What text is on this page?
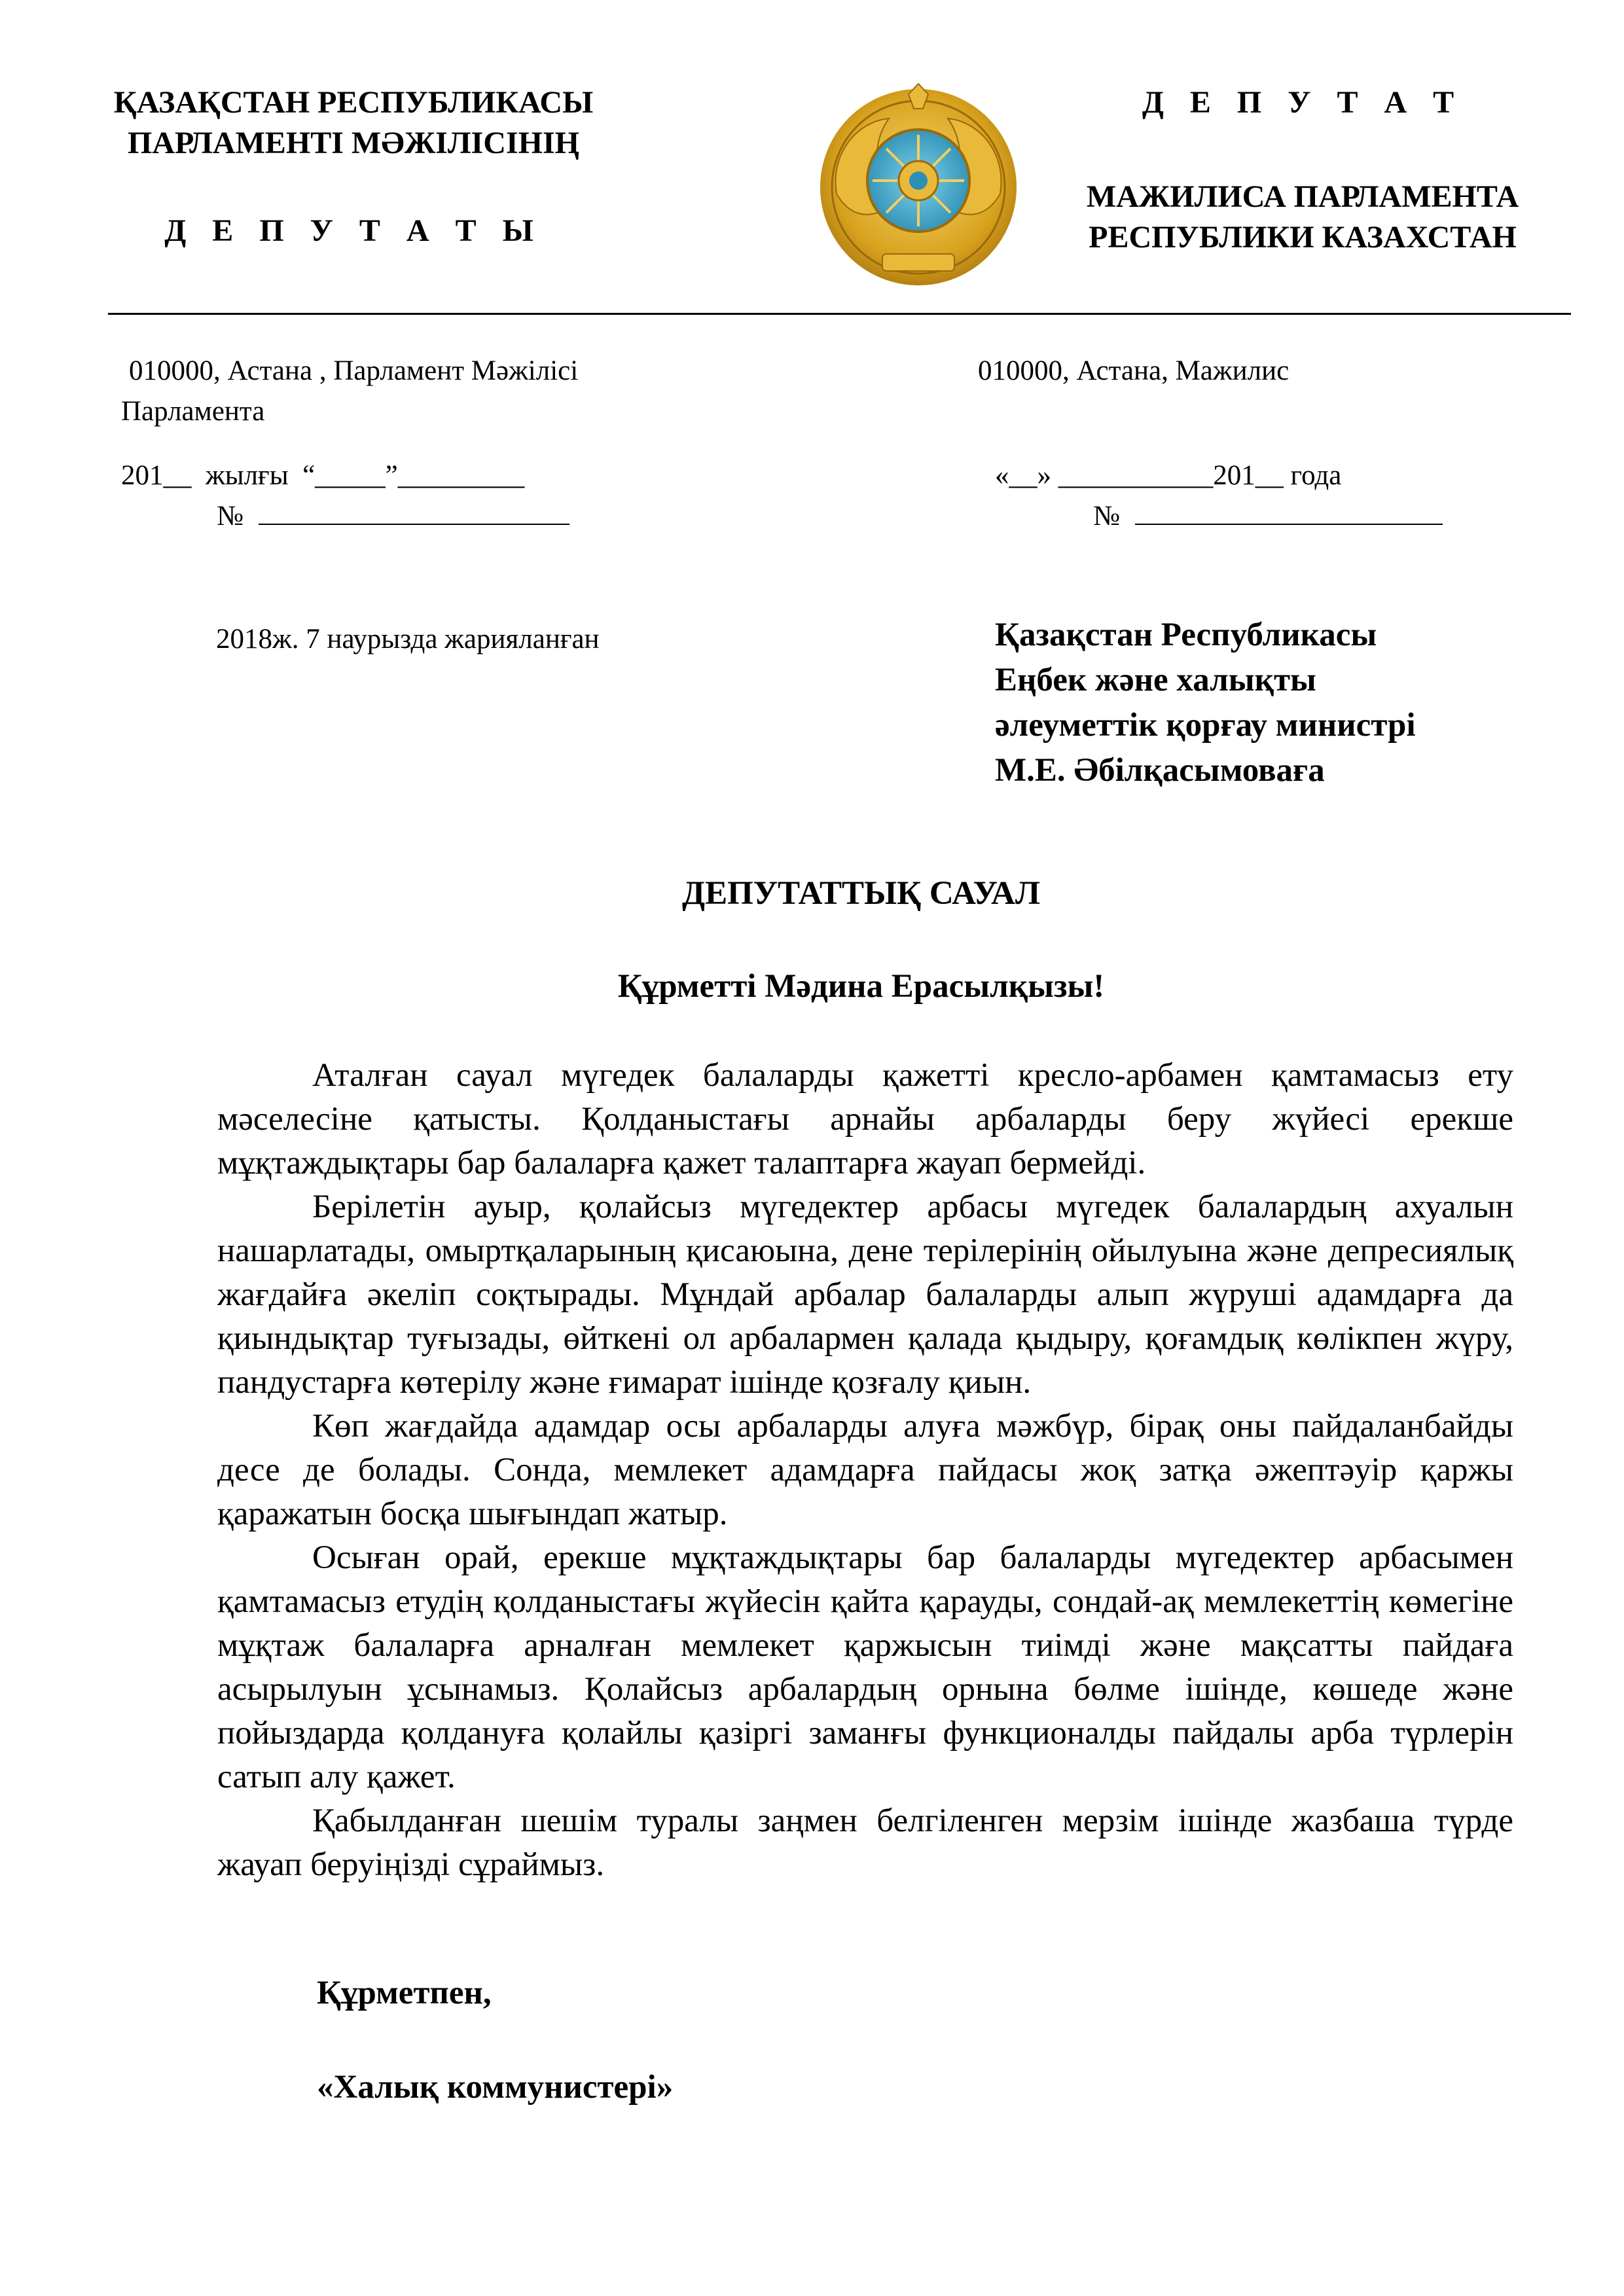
ҚАЗАҚСТАН РЕСПУБЛИКАСЫ
ПАРЛАМЕНТІ МӘЖІЛІСІНІҢ
Д Е П У Т А Т Ы
Д Е П У Т А Т
МАЖИЛИСА ПАРЛАМЕНТА
РЕСПУБЛИКИ КАЗАХСТАН
010000, Астана , Парламент Мәжілісі
Парламента
010000, Астана, Мажилис
201__  жылғы  “_____”_________
№
«__» ___________201__ года
№
2018ж. 7 наурызда жарияланған	Қазақстан Республикасы
Еңбек және халықты
әлеуметтік қорғау министрі
М.Е. Әбілқасымоваға
ДЕПУТАТТЫҚ САУАЛ
Құрметті Мәдина Ерасылқызы!

Аталған сауал мүгедек балаларды қажетті кресло-арбамен қамтамасыз ету мәселесіне қатысты. Қолданыстағы арнайы арбаларды беру жүйесі ерекше мұқтаждықтары бар балаларға қажет талаптарға жауап бермейді.

Берілетін ауыр, қолайсыз мүгедектер арбасы мүгедек балалардың ахуалын нашарлатады, омыртқаларының қисаюына, дене терілерінің ойылуына және депресиялық жағдайға әкеліп соқтырады. Мұндай арбалар балаларды алып жүруші адамдарға да қиындықтар туғызады, өйткені ол арбалармен қалада қыдыру, қоғамдық көлікпен жүру, пандустарға көтерілу және ғимарат ішінде қозғалу қиын.

Көп жағдайда адамдар осы арбаларды алуға мәжбүр, бірақ оны пайдаланбайды десе де болады. Сонда, мемлекет адамдарға пайдасы жоқ затқа әжептәуір қаржы қаражатын босқа шығындап жатыр.

Осыған орай, ерекше мұқтаждықтары бар балаларды мүгедектер арбасымен қамтамасыз етудің қолданыстағы жүйесін қайта қарауды, сондай-ақ мемлекеттің көмегіне мұқтаж балаларға арналған мемлекет қаржысын тиімді және мақсатты пайдаға асырылуын ұсынамыз. Қолайсыз арбалардың орнына бөлме ішінде, көшеде және пойыздарда қолдануға қолайлы қазіргі заманғы функционалды пайдалы арба түрлерін сатып алу қажет.

Қабылданған шешім туралы заңмен белгіленген мерзім ішінде жазбаша түрде жауап беруіңізді сұраймыз.

Құрметпен,
«Халық коммунистері»
